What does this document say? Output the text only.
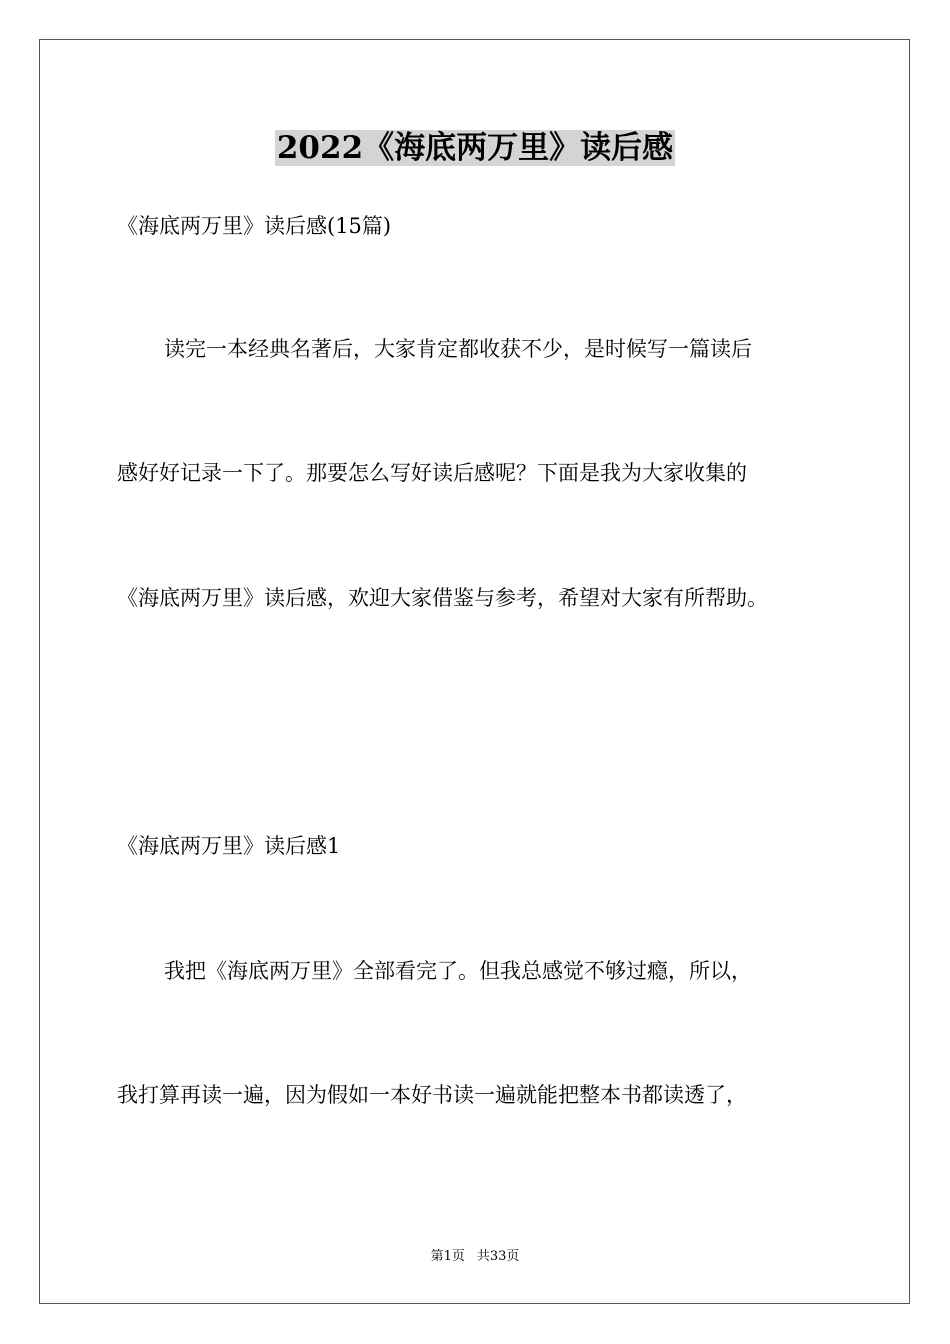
2022《海底两万里》读后感
《海底两万里》读后感(15篇)
读完一本经典名著后，大家肯定都收获不少，是时候写一篇读后
感好好记录一下了。那要怎么写好读后感呢？下面是我为大家收集的
《海底两万里》读后感，欢迎大家借鉴与参考，希望对大家有所帮助。
《海底两万里》读后感1
我把《海底两万里》全部看完了。但我总感觉不够过瘾，所以，
我打算再读一遍，因为假如一本好书读一遍就能把整本书都读透了，
第1页 共33页
